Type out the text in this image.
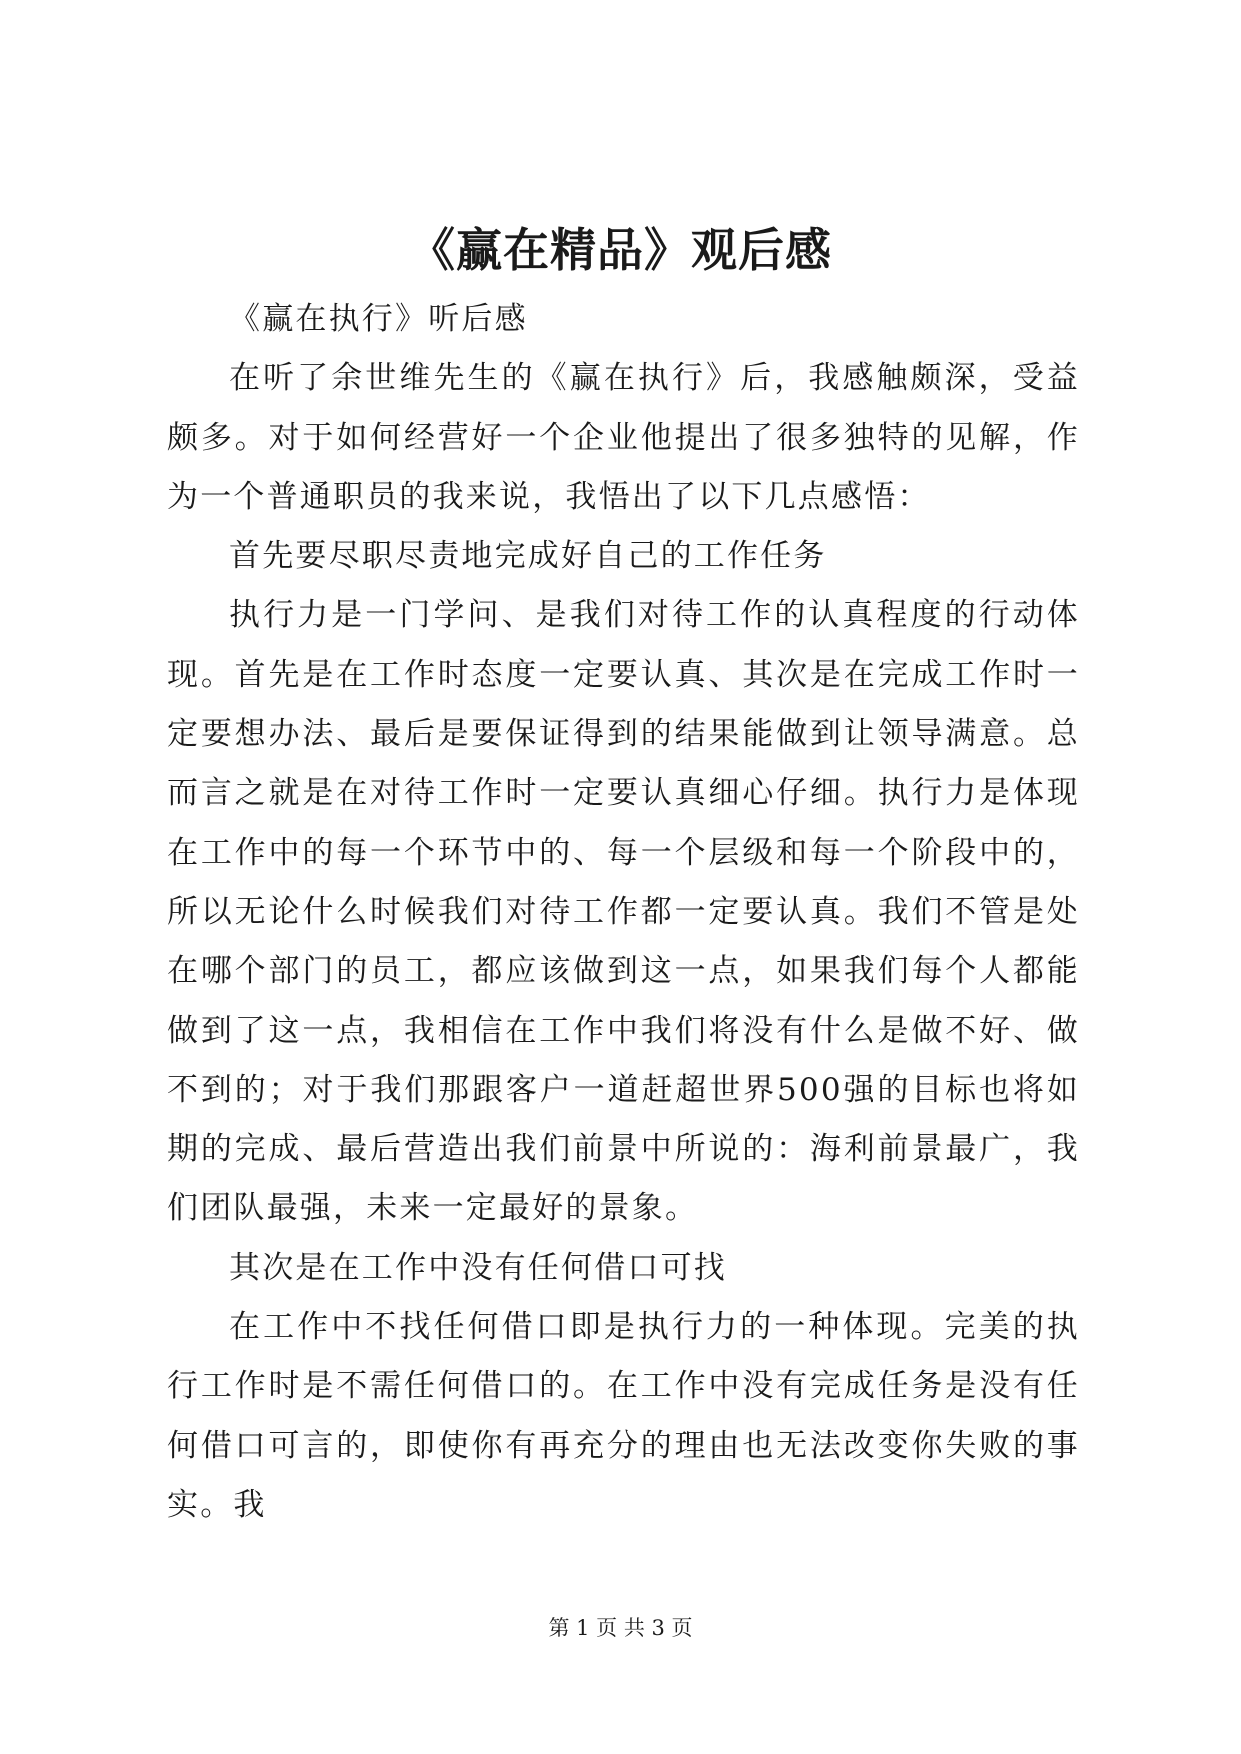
《赢在精品》观后感

《赢在执行》听后感

在听了余世维先生的《赢在执行》后，我感触颇深，受益颇多。对于如何经营好一个企业他提出了很多独特的见解，作为一个普通职员的我来说，我悟出了以下几点感悟：

首先要尽职尽责地完成好自己的工作任务

执行力是一门学问、是我们对待工作的认真程度的行动体现。首先是在工作时态度一定要认真、其次是在完成工作时一定要想办法、最后是要保证得到的结果能做到让领导满意。总而言之就是在对待工作时一定要认真细心仔细。执行力是体现在工作中的每一个环节中的、每一个层级和每一个阶段中的，所以无论什么时候我们对待工作都一定要认真。我们不管是处在哪个部门的员工，都应该做到这一点，如果我们每个人都能做到了这一点，我相信在工作中我们将没有什么是做不好、做不到的；对于我们那跟客户一道赶超世界500强的目标也将如期的完成、最后营造出我们前景中所说的：海利前景最广，我们团队最强，未来一定最好的景象。

其次是在工作中没有任何借口可找

在工作中不找任何借口即是执行力的一种体现。完美的执行工作时是不需任何借口的。在工作中没有完成任务是没有任何借口可言的，即使你有再充分的理由也无法改变你失败的事实。我

第 1 页 共 3 页
